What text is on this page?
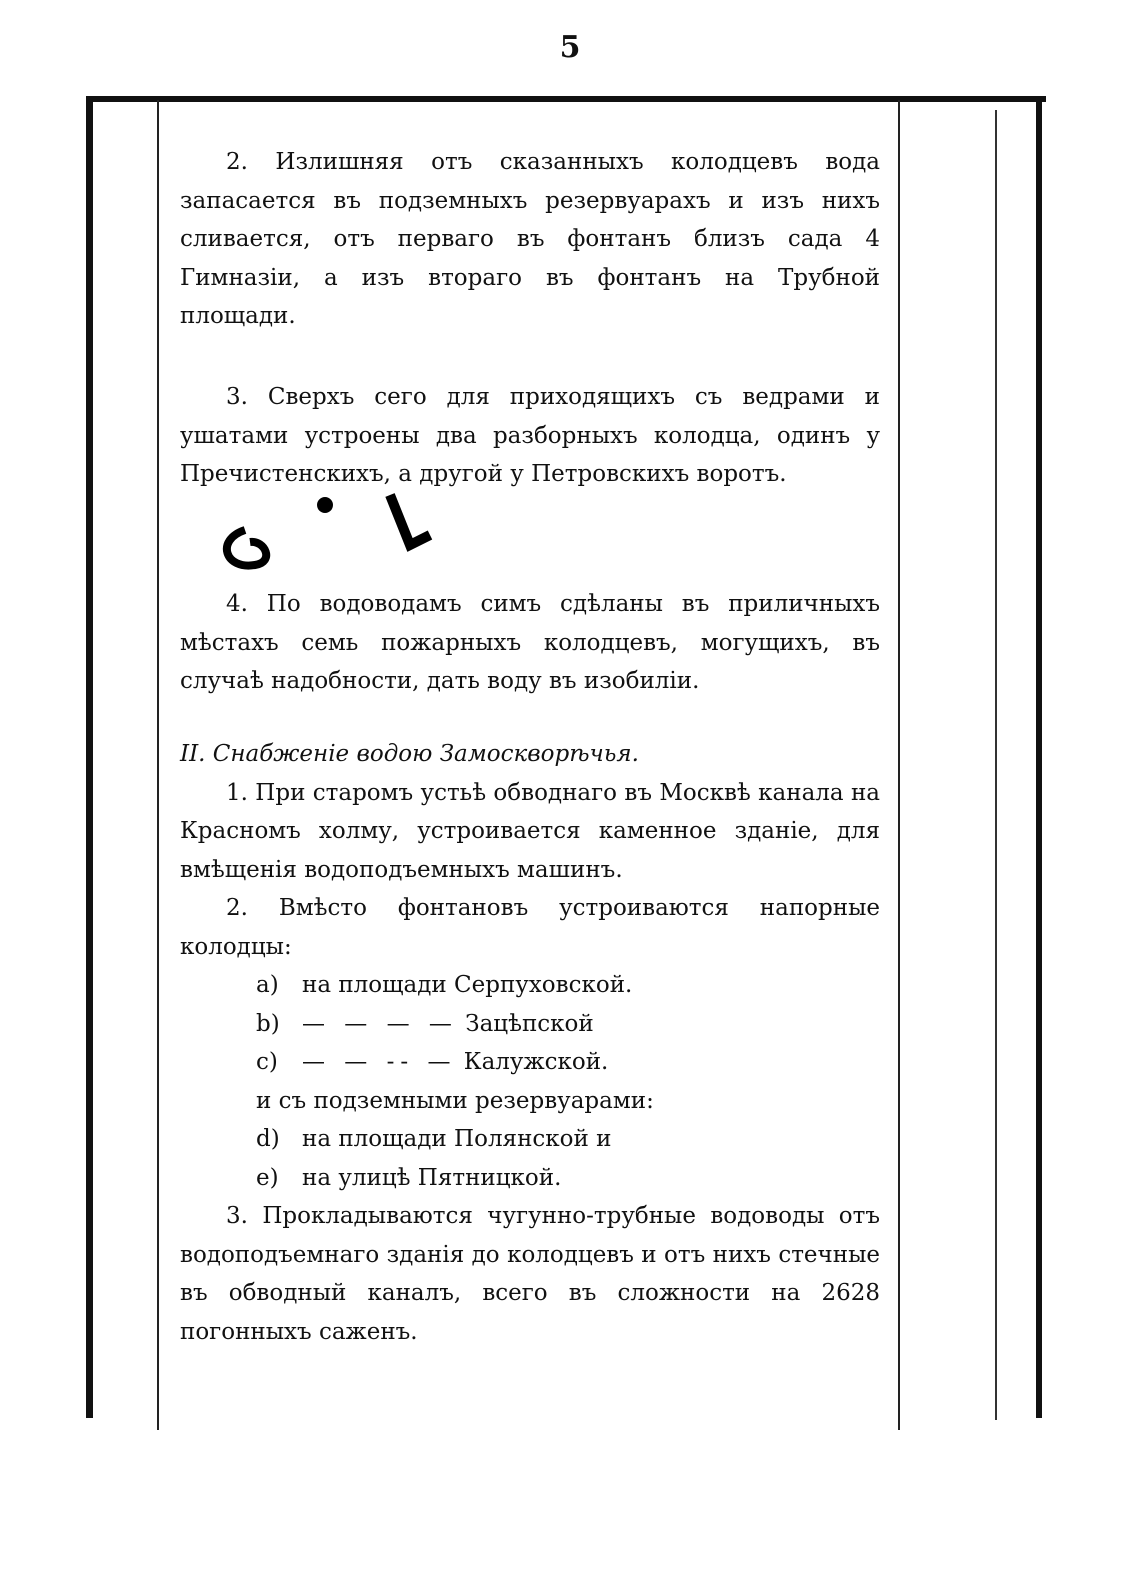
5

2. Излишняя отъ сказанныхъ колодцевъ вода запасается въ подземныхъ резервуарахъ и изъ нихъ сливается, отъ перваго въ фонтанъ близъ сада 4 Гимназіи, а изъ втораго въ фонтанъ на Трубной площади.

3. Сверхъ сего для приходящихъ съ ведрами и ушатами устроены два разборныхъ колодца, одинъ у Пречистенскихъ, а другой у Петровскихъ воротъ.

4. По водоводамъ симъ сдѣланы въ приличныхъ мѣстахъ семь пожарныхъ колодцевъ, могущихъ, въ случаѣ надобности, дать воду въ изобиліи.

II. Снабженіе водою Замоскворѣчья.

1. При старомъ устьѣ обводнаго въ Москвѣ канала на Красномъ холму, устроивается каменное зданіе, для вмѣщенія водоподъемныхъ машинъ.

2. Вмѣсто фонтановъ устроиваются напорные колодцы:

a) на площади Серпуховской.
b) — — — — Зацѣпской
c) — — -- — Калужской.
и съ подземными резервуарами:
d) на площади Полянской и
e) на улицѣ Пятницкой.

3. Прокладываются чугунно-трубные водоводы отъ водоподъемнаго зданія до колодцевъ и отъ нихъ стечные въ обводный каналъ, всего въ сложности на 2628 погонныхъ саженъ.
